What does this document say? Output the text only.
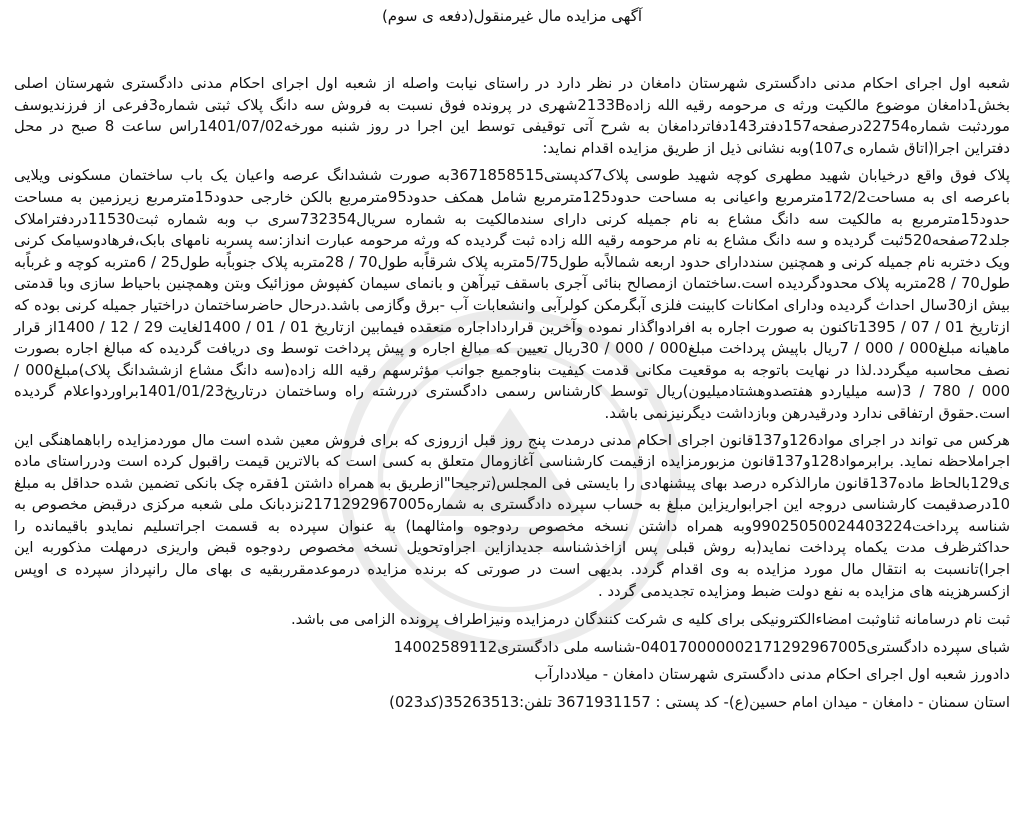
آگهی مزایده مال غیرمنقول(دفعه ی سوم)

شعبه اول اجرای احکام مدنی دادگستری شهرستان دامغان در نظر دارد در راستای نیابت واصله از شعبه اول اجرای احکام مدنی دادگستری شهرستان اصلی بخش1دامغان موضوع مالکیت ورثه ی مرحومه رقیه الله زاده2133Bشهری در پرونده فوق نسبت به فروش سه دانگ پلاک ثبتی شماره3فرعی از فرزندیوسف موردثبت شماره22754درصفحه157دفتر143دفاتردامغان به شرح آتی توقیفی توسط این اجرا در روز شنبه مورخه1401/07/02راس ساعت 8 صبح در محل دفتراین اجرا(اتاق شماره ی107)وبه نشانی ذیل از طریق مزایده اقدام نماید:

پلاک فوق واقع درخیابان شهید مطهری کوچه شهید طوسی پلاک7کدپستی3671858515به صورت ششدانگ عرصه واعیان یک باب ساختمان مسکونی ویلایی باعرصه ای به مساحت172/2مترمربع واعیانی به مساحت حدود125مترمربع شامل همکف حدود95مترمربع بالکن خارجی حدود15مترمربع زیرزمین به مساحت حدود15مترمربع به مالکیت سه دانگ مشاع به نام جمیله کرنی دارای سندمالکیت به شماره سریال732354سری ب وبه شماره ثبت11530دردفتراملاک جلد72صفحه520ثبت گردیده و سه دانگ مشاع به نام مرحومه رقیه الله زاده ثبت گردیده که ورثه مرحومه عبارت انداز:سه پسربه نامهای بابک،فرهادوسیامک کرنی ویک دختربه نام جمیله کرنی و همچنین سنددارای حدود اربعه شمالاًبه طول5/75متربه پلاک شرقاًبه طول70 / 28متربه پلاک جنوباًبه طول25 / 6متربه کوچه و غرباًبه طول70 / 28متربه پلاک محدودگردیده است.ساختمان ازمصالح بنائی آجری باسقف تیرآهن و بانمای سیمان کفپوش موزائیک وبتن وهمچنین باحیاط سازی وبا قدمتی بیش از30سال احداث گردیده ودارای امکانات کابینت فلزی آبگرمکن کولرآبی وانشعابات آب -برق وگازمی باشد.درحال حاضرساختمان دراختیار جمیله کرنی بوده که ازتاریخ 01 / 07 / 1395تاکنون به صورت اجاره به افرادواگذار نموده وآخرین قرارداداجاره منعقده فیمابین ازتاریخ 01 / 01 / 1400لغایت 29 / 12 / 1400از قرار ماهیانه مبلغ000 / 000 / 7ریال باپیش پرداخت مبلغ000 / 000 / 30ریال تعیین که مبالغ اجاره و پیش پرداخت توسط وی دریافت گردیده که مبالغ اجاره بصورت نصف محاسبه میگردد.لذا در نهایت باتوجه به موقعیت مکانی قدمت کیفیت بناوجمیع جوانب مؤثرسهم رقیه الله زاده(سه دانگ مشاع ازششدانگ پلاک)مبلغ000 / 000 / 780 / 3(سه میلیاردو هفتصدوهشتادمیلیون)ریال توسط کارشناس رسمی دادگستری دررشته راه وساختمان درتاریخ1401/01/23براوردواعلام گردیده است.حقوق ارتفاقی ندارد ودرقیدرهن وبازداشت دیگرنیزنمی باشد.

هرکس می تواند در اجرای مواد126و137قانون اجرای احکام مدنی درمدت پنج روز قبل ازروزی که برای فروش معین شده است مال موردمزایده راباهماهنگی این اجراملاحظه نماید. برابرمواد128و137قانون مزبورمزایده ازقیمت کارشناسی آغازومال متعلق به کسی است که بالاترین قیمت راقبول کرده است ودرراستای ماده ی129بالحاظ ماده137قانون مارالذکره درصد بهای پیشنهادی را بایستی فی المجلس(ترجیحا"ازطریق به همراه داشتن 1فقره چک بانکی تضمین شده حداقل به مبلغ 10درصدقیمت کارشناسی دروجه این اجرابواریزاین مبلغ به حساب سپرده دادگستری به شماره2171292967005نزدبانک ملی شعبه مرکزی درقبض مخصوص به شناسه پرداخت99025050024403224وبه همراه داشتن نسخه مخصوص ردوجوه وامثالهما) به عنوان سپرده به قسمت اجراتسلیم نمایدو باقیمانده را حداکثرظرف مدت یکماه پرداخت نماید(به روش قبلی پس ازاخذشناسه جدیدازاین اجراوتحویل نسخه مخصوص ردوجوه قبض واریزی درمهلت مذکوربه این اجرا)تانسبت به انتقال مال مورد مزایده به وی اقدام گردد. بدیهی است در صورتی که برنده مزایده درموعدمقرربقیه ی بهای مال رانپرداز سپرده ی اوپس ازکسرهزینه های مزایده به نفع دولت ضبط ومزایده تجدیدمی گردد .

ثبت نام درسامانه ثناوثبت امضاءالکترونیکی برای کلیه ی شرکت کنندگان درمزایده ونیزاطراف پرونده الزامی می باشد.

شبای سپرده دادگستری040170000002171292967005-شناسه ملی دادگستری14002589112

دادورز شعبه اول اجرای احکام مدنی دادگستری شهرستان دامغان - میلاددارآب

استان سمنان - دامغان - میدان امام حسین(ع)- کد پستی : 3671931157 تلفن:35263513(کد023)
